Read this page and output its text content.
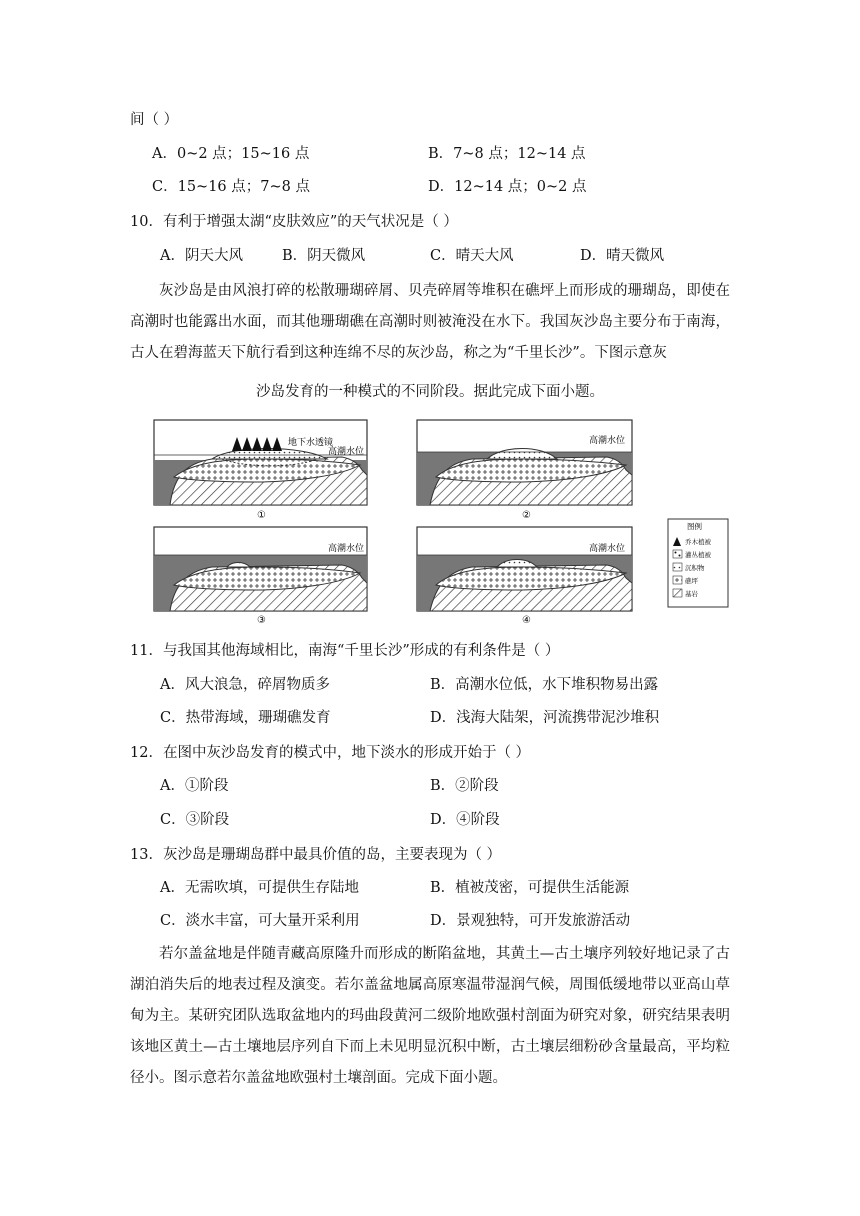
间（ ）
A．0~2 点；15~16 点	B．7~8 点；12~14 点
C．15~16 点；7~8 点	D．12~14 点；0~2 点
10．有利于增强太湖“皮肤效应”的天气状况是（ ）
A．阴天大风	B．阴天微风	C．晴天大风	D．晴天微风
灰沙岛是由风浪打碎的松散珊瑚碎屑、贝壳碎屑等堆积在礁坪上而形成的珊瑚岛，即使在高潮时也能露出水面，而其他珊瑚礁在高潮时则被淹没在水下。我国灰沙岛主要分布于南海，古人在碧海蓝天下航行看到这种连绵不尽的灰沙岛，称之为“千里长沙”。下图示意灰
沙岛发育的一种模式的不同阶段。据此完成下面小题。
地下水透镜
高潮水位
①
高潮水位
②
高潮水位
③
高潮水位
④
图例
乔木植被
灌丛植被
沉积物
礁坪
基岩
11．与我国其他海域相比，南海“千里长沙”形成的有利条件是（ ）
A．风大浪急，碎屑物质多	B．高潮水位低，水下堆积物易出露
C．热带海域，珊瑚礁发育	D．浅海大陆架，河流携带泥沙堆积
12．在图中灰沙岛发育的模式中，地下淡水的形成开始于（ ）
A．①阶段	B．②阶段
C．③阶段	D．④阶段
13．灰沙岛是珊瑚岛群中最具价值的岛，主要表现为（ ）
A．无需吹填，可提供生存陆地	B．植被茂密，可提供生活能源
C．淡水丰富，可大量开采利用	D．景观独特，可开发旅游活动
若尔盖盆地是伴随青藏高原隆升而形成的断陷盆地，其黄土—古土壤序列较好地记录了古湖泊消失后的地表过程及演变。若尔盖盆地属高原寒温带湿润气候，周围低缓地带以亚高山草甸为主。某研究团队选取盆地内的玛曲段黄河二级阶地欧强村剖面为研究对象，研究结果表明该地区黄土—古土壤地层序列自下而上未见明显沉积中断，古土壤层细粉砂含量最高，平均粒径小。图示意若尔盖盆地欧强村土壤剖面。完成下面小题。
